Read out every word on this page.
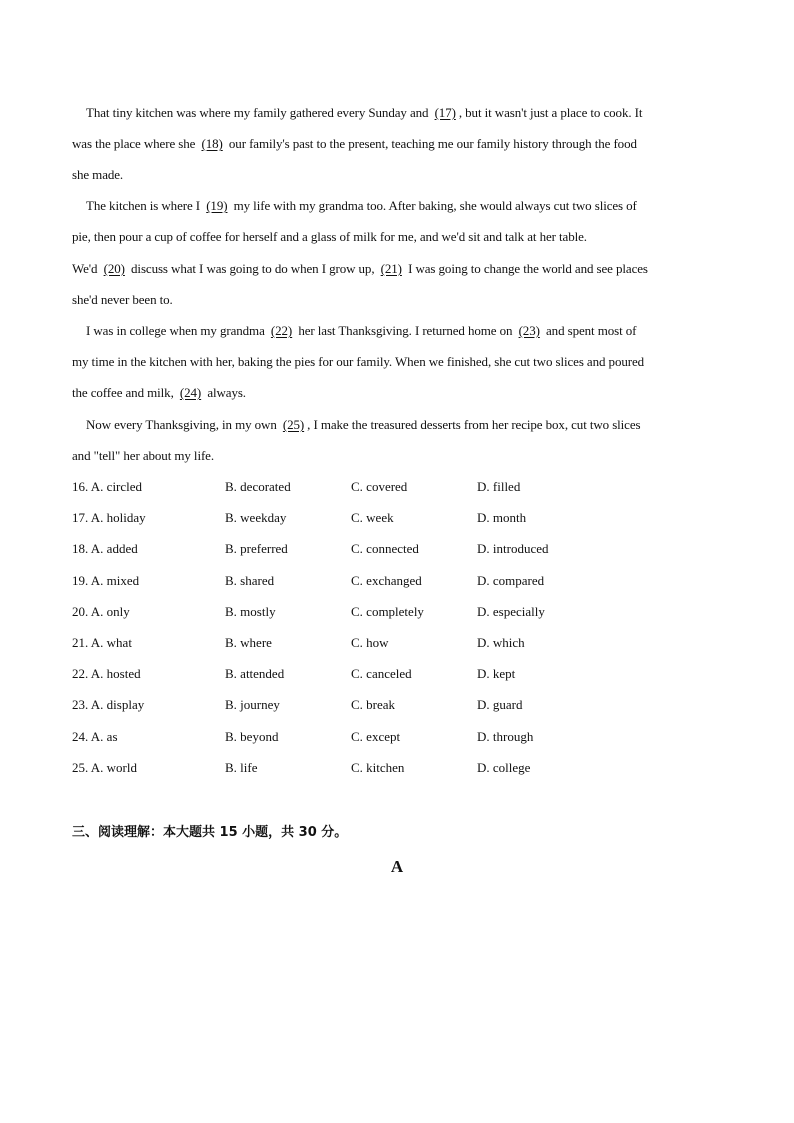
That tiny kitchen was where my family gathered every Sunday and (17) , but it wasn't just a place to cook. It
was the place where she (18) our family's past to the present, teaching me our family history through the food
she made.
The kitchen is where I (19) my life with my grandma too. After baking, she would always cut two slices of
pie, then pour a cup of coffee for herself and a glass of milk for me, and we'd sit and talk at her table.
We'd (20) discuss what I was going to do when I grow up, (21) I was going to change the world and see places
she'd never been to.
I was in college when my grandma (22) her last Thanksgiving. I returned home on (23) and spent most of
my time in the kitchen with her, baking the pies for our family. When we finished, she cut two slices and poured
the coffee and milk, (24) always.
Now every Thanksgiving, in my own (25) , I make the treasured desserts from her recipe box, cut two slices
and "tell" her about my life.
16. A. circled	B. decorated	C. covered	D. filled
17. A. holiday	B. weekday	C. week	D. month
18. A. added	B. preferred	C. connected	D. introduced
19. A. mixed	B. shared	C. exchanged	D. compared
20. A. only	B. mostly	C. completely	D. especially
21. A. what	B. where	C. how	D. which
22. A. hosted	B. attended	C. canceled	D. kept
23. A. display	B. journey	C. break	D. guard
24. A. as	B. beyond	C. except	D. through
25. A. world	B. life	C. kitchen	D. college
三、阅读理解：本大题共 15 小题，共 30 分。
A
